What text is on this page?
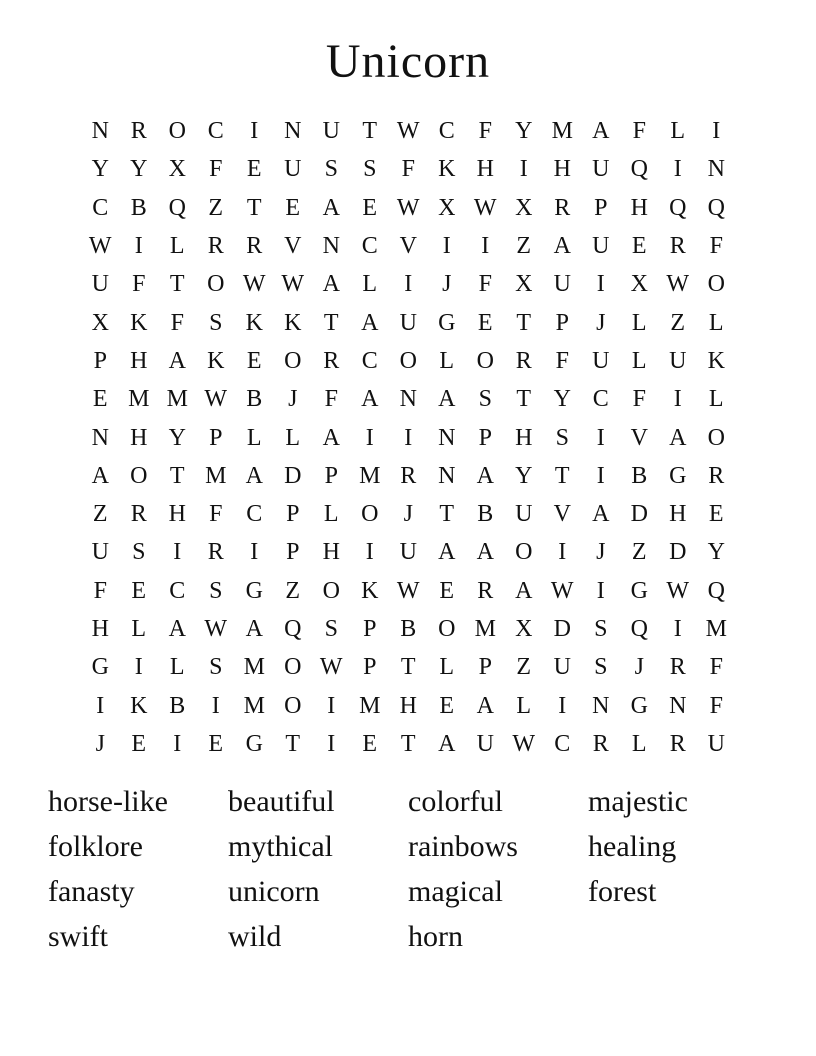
Unicorn
N R O C	I	N U T W C F Y M A F	L	I
Y Y X F	E U S	S	F K H	I	H U Q	I	N
C B Q Z T E A E W X W X R P H Q Q
W I	L R R V N C V	I	I	Z A U E R F
U F	T O W W A L	I	J	F X U	I	X W O
X K F	S K K T A U G E T	P	J	L Z L
P H A K E O R C O L O R F U L U K
E M M W B	J	F A N A S	T Y C F	I	L
N H Y P	L L A	I	I	N P H S	I	V A O
A O T M A D P M R N A Y T	I	B G R
Z R H F C P	L O	J	T B U V A D H E
U S	I	R	I	P H	I	U A A O	I	J	Z D Y
F	E C S G Z O K W E R A W I	G W Q
H L A W A Q S	P B O M X D S Q	I M
G	I	L	S M O W P	T L	P	Z U S	J	R F
I	K B	I M O	I M H E A L	I	N G N F
J	E	I	E G T	I	E T A U W C R L R U
horse-like
folklore
fanasty
swift
beautiful
mythical
unicorn
wild
colorful
rainbows
magical
horn
majestic
healing
forest
